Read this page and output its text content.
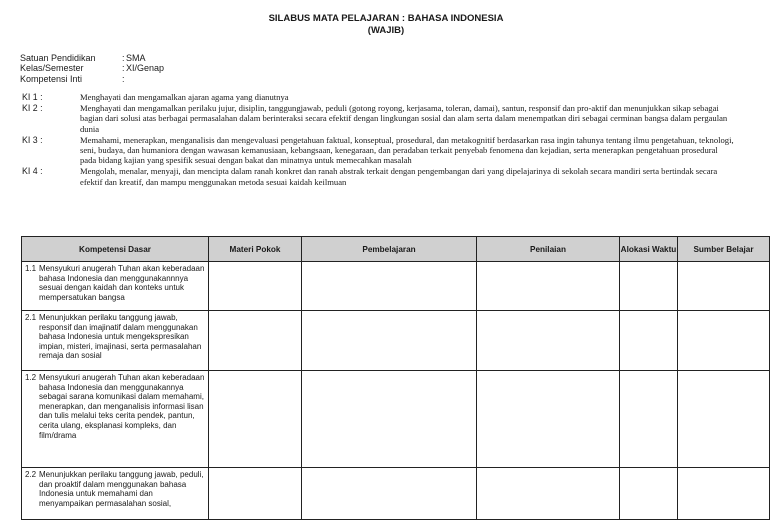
SILABUS MATA PELAJARAN : BAHASA INDONESIA
(WAJIB)
Satuan Pendidikan	: SMA
Kelas/Semester	: XI/Genap
Kompetensi Inti	:
KI 1 :	Menghayati dan mengamalkan ajaran agama yang dianutnya
KI 2 :	Menghayati dan mengamalkan perilaku jujur, disiplin, tanggungjawab, peduli (gotong royong, kerjasama, toleran, damai), santun, responsif dan pro-aktif dan menunjukkan sikap sebagai bagian dari solusi atas berbagai permasalahan dalam berinteraksi secara efektif dengan lingkungan sosial dan alam serta dalam menempatkan diri sebagai cerminan bangsa dalam pergaulan dunia
KI 3 :	Memahami, menerapkan, menganalisis dan mengevaluasi pengetahuan faktual, konseptual, prosedural, dan metakognitif berdasarkan rasa ingin tahunya tentang ilmu pengetahuan, teknologi, seni, budaya, dan humaniora dengan wawasan kemanusiaan, kebangsaan, kenegaraan, dan peradaban terkait penyebab fenomena dan kejadian, serta menerapkan pengetahuan prosedural pada bidang kajian yang spesifik sesuai dengan bakat dan minatnya untuk memecahkan masalah
KI 4 :	Mengolah, menalar, menyaji, dan mencipta dalam ranah konkret dan ranah abstrak terkait dengan pengembangan dari yang dipelajarinya di sekolah secara mandiri serta bertindak secara efektif dan kreatif, dan mampu menggunakan metoda sesuai kaidah keilmuan
Kompetensi Dasar	Materi Pokok	Pembelajaran	Penilaian	Alokasi Waktu	Sumber Belajar

1.1 Mensyukuri anugerah Tuhan akan keberadaan bahasa Indonesia dan menggunakannnya sesuai dengan kaidah dan konteks untuk mempersatukan bangsa					

2.1 Menunjukkan perilaku tanggung jawab, responsif dan imajinatif dalam menggunakan bahasa Indonesia untuk mengekspresikan impian, misteri, imajinasi, serta permasalahan remaja dan sosial					

1.2 Mensyukuri anugerah Tuhan akan keberadaan bahasa Indonesia dan menggunakannya sebagai sarana komunikasi dalam memahami, menerapkan, dan menganalisis informasi lisan dan tulis melalui teks cerita pendek, pantun, cerita ulang, eksplanasi kompleks, dan film/drama					

2.2 Menunjukkan perilaku tanggung jawab, peduli, dan proaktif dalam menggunakan bahasa Indonesia untuk memahami dan menyampaikan permasalahan sosial,					
